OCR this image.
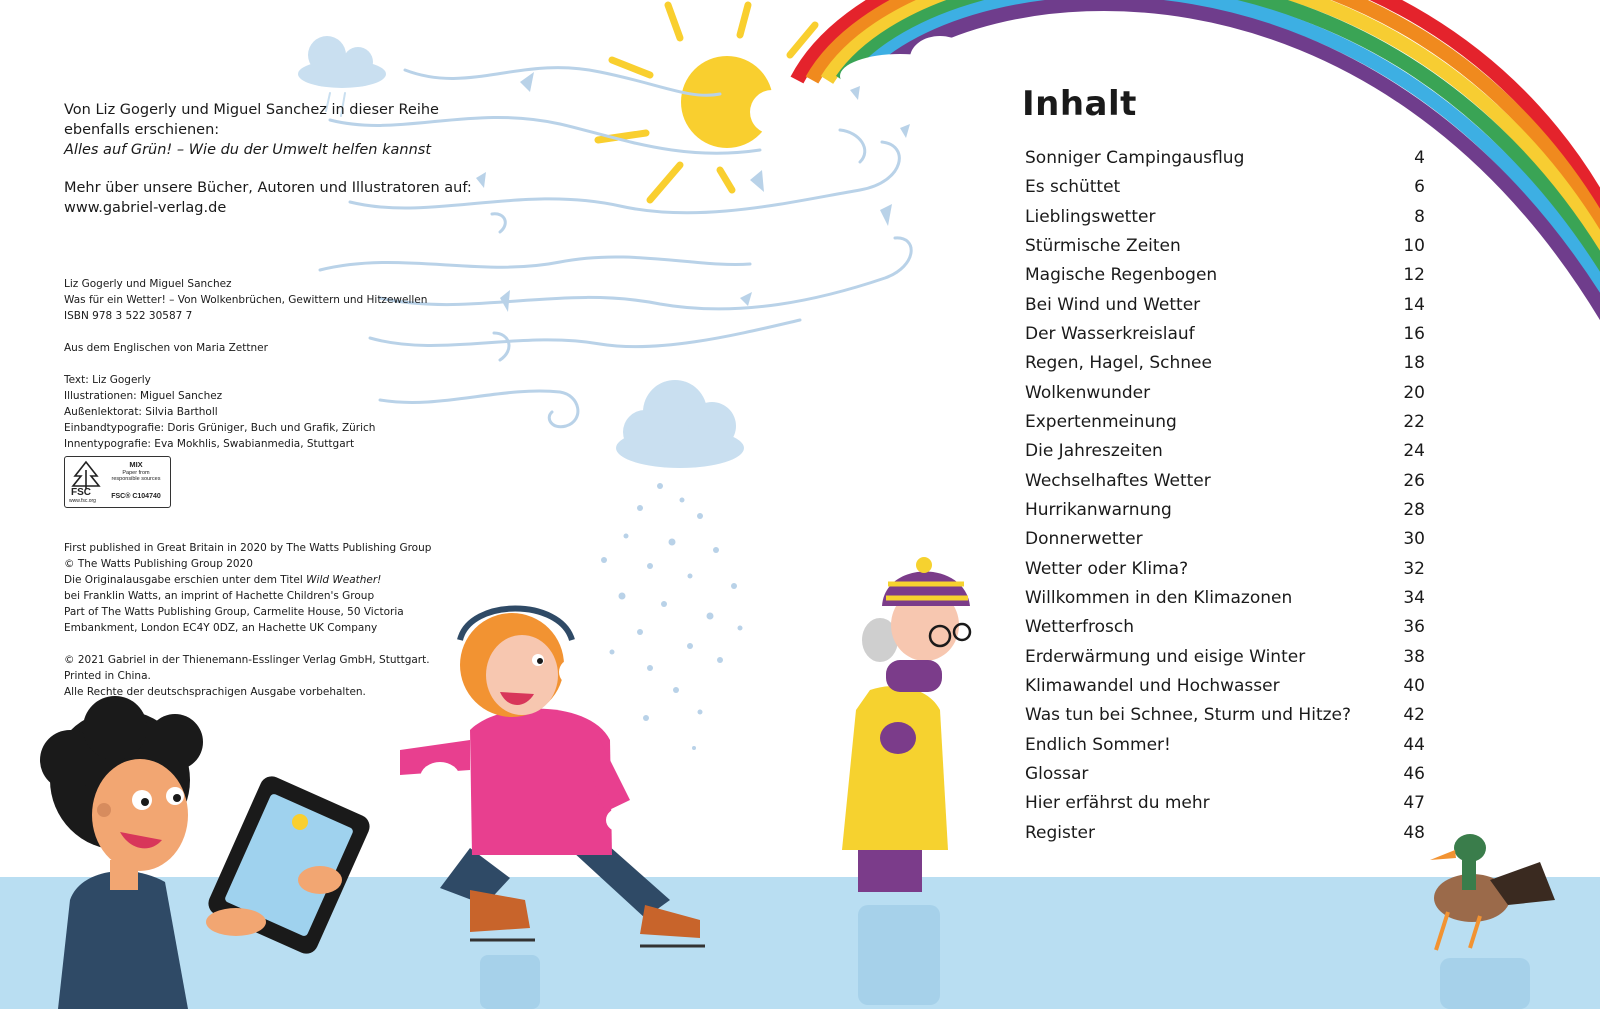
Von Liz Gogerly und Miguel Sanchez in dieser Reihe
ebenfalls erschienen:
Alles auf Grün! – Wie du der Umwelt helfen kannst

Mehr über unsere Bücher, Autoren und Illustratoren auf:
www.gabriel-verlag.de

Liz Gogerly und Miguel Sanchez
Was für ein Wetter! – Von Wolkenbrüchen, Gewittern und Hitzewellen
ISBN 978 3 522 30587 7

Aus dem Englischen von Maria Zettner

Text: Liz Gogerly
Illustrationen: Miguel Sanchez
Außenlektorat: Silvia Bartholl
Einbandtypografie: Doris Grüniger, Buch und Grafik, Zürich
Innentypografie: Eva Mokhlis, Swabianmedia, Stuttgart

First published in Great Britain in 2020 by The Watts Publishing Group
© The Watts Publishing Group 2020
Die Originalausgabe erschien unter dem Titel Wild Weather!
bei Franklin Watts, an imprint of Hachette Children's Group
Part of The Watts Publishing Group, Carmelite House, 50 Victoria
Embankment, London EC4Y 0DZ, an Hachette UK Company

© 2021 Gabriel in der Thienemann-Esslinger Verlag GmbH, Stuttgart.
Printed in China.
Alle Rechte der deutschsprachigen Ausgabe vorbehalten.

FSC
www.fsc.org
MIX
Paper from
responsible sources
FSC® C104740
Inhalt
Sonniger Campingausflug	4
Es schüttet	6
Lieblingswetter	8
Stürmische Zeiten	10
Magische Regenbogen	12
Bei Wind und Wetter	14
Der Wasserkreislauf	16
Regen, Hagel, Schnee	18
Wolkenwunder	20
Expertenmeinung	22
Die Jahreszeiten	24
Wechselhaftes Wetter	26
Hurrikanwarnung	28
Donnerwetter	30
Wetter oder Klima?	32
Willkommen in den Klimazonen	34
Wetterfrosch	36
Erderwärmung und eisige Winter	38
Klimawandel und Hochwasser	40
Was tun bei Schnee, Sturm und Hitze?	42
Endlich Sommer!	44
Glossar	46
Hier erfährst du mehr	47
Register	48
